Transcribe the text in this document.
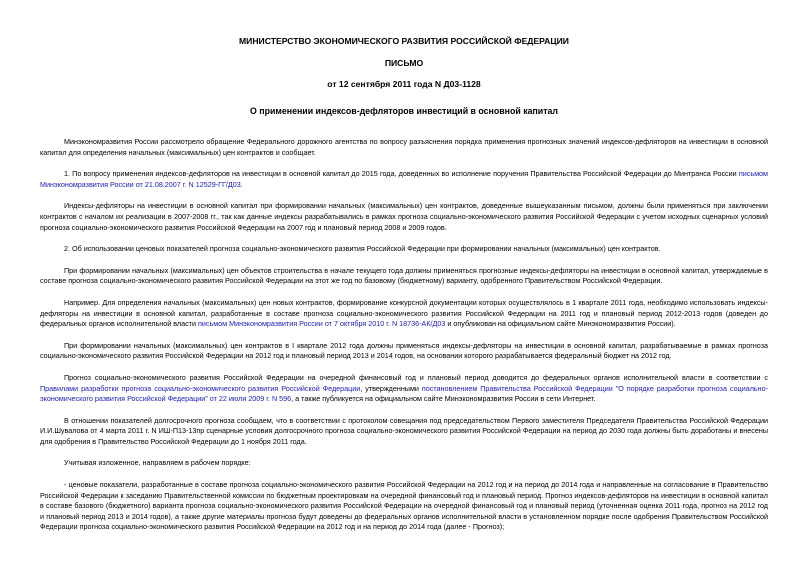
МИНИСТЕРСТВО ЭКОНОМИЧЕСКОГО РАЗВИТИЯ РОССИЙСКОЙ ФЕДЕРАЦИИ
ПИСЬМО
от 12 сентября 2011 года N Д03-1128
О применении индексов-дефляторов инвестиций в основной капитал

Минэкономразвития России рассмотрело обращение Федерального дорожного агентства по вопросу разъяснения порядка применения прогнозных значений индексов-дефляторов на инвестиции в основной капитал для определения начальных (максимальных) цен контрактов и сообщает.

1. По вопросу применения индексов-дефляторов на инвестиции в основной капитал до 2015 года, доведенных во исполнение поручения Правительства Российской Федерации до Минтранса России письмом Минэкономразвития России от 21.08.2007 г. N 12529-ГГ/Д03.

Индексы-дефляторы на инвестиции в основной капитал при формировании начальных (максимальных) цен контрактов, доведенные вышеуказанным письмом, должны были применяться при заключении контрактов с началом их реализации в 2007-2008 гг., так как данные индексы разрабатывались в рамках прогноза социально-экономического развития Российской Федерации с учетом исходных сценарных условий прогноза социально-экономического развития Российской Федерации на 2007 год и плановый период 2008 и 2009 годов.

2. Об использовании ценовых показателей прогноза социально-экономического развития Российской Федерации при формировании начальных (максимальных) цен контрактов.

При формировании начальных (максимальных) цен объектов строительства в начале текущего года должны применяться прогнозные индексы-дефляторы на инвестиции в основной капитал, утверждаемые в составе прогноза социально-экономического развития Российской Федерации на этот же год по базовому (бюджетному) варианту, одобренного Правительством Российской Федерации.

Например. Для определения начальных (максимальных) цен новых контрактов, формирование конкурсной документации которых осуществлялось в 1 квартале 2011 года, необходимо использовать индексы-дефляторы на инвестиции в основной капитал, разработанные в составе прогноза социально-экономического развития Российской Федерации на 2011 год и плановый период 2012-2013 годов (доведен до федеральных органов исполнительной власти письмом Минэкономразвития России от 7 октября 2010 г. N 18736-АК/Д03 и опубликован на официальном сайте Минэкономразвития России).

При формировании начальных (максимальных) цен контрактов в I квартале 2012 года должны применяться индексы-дефляторы на инвестиции в основной капитал, разрабатываемые в рамках прогноза социально-экономического развития Российской Федерации на 2012 год и плановый период 2013 и 2014 годов, на основании которого разрабатывается федеральный бюджет на 2012 год.

Прогноз социально-экономического развития Российской Федерации на очередной финансовый год и плановый период доводится до федеральных органов исполнительной власти в соответствии с Правилами разработки прогноза социально-экономического развития Российской Федерации, утвержденными постановлением Правительства Российской Федерации "О порядке разработки прогноза социально-экономического развития Российской Федерации" от 22 июля 2009 г. N 596, а также публикуется на официальном сайте Минэкономразвития России в сети Интернет.

В отношении показателей долгосрочного прогноза сообщаем, что в соответствии с протоколом совещания под председательством Первого заместителя Председателя Правительства Российской Федерации И.И.Шувалова от 4 марта 2011 г. N ИШ-П13-13пр сценарные условия долгосрочного прогноза социально-экономического развития Российской Федерации на период до 2030 года должны быть доработаны и внесены для одобрения в Правительство Российской Федерации до 1 ноября 2011 года.

Учитывая изложенное, направляем в рабочем порядке:

- ценовые показатели, разработанные в составе прогноза социально-экономического развития Российской Федерации на 2012 год и на период до 2014 года и направленные на согласование в Правительство Российской Федерации к заседанию Правительственной комиссии по бюджетным проектировкам на очередной финансовый год и плановый период. Прогноз индексов-дефляторов на инвестиции в основной капитал в составе базового (бюджетного) варианта прогноза социально-экономического развития Российской Федерации на очередной финансовый год и плановый период (уточненная оценка 2011 года, прогноз на 2012 год и плановый период 2013 и 2014 годов), а также другие материалы прогноза будут доведены до федеральных органов исполнительной власти в установленном порядке после одобрения Правительством Российской Федерации прогноза социально-экономического развития Российской Федерации на 2012 год и на период до 2014 года (далее - Прогноз);
